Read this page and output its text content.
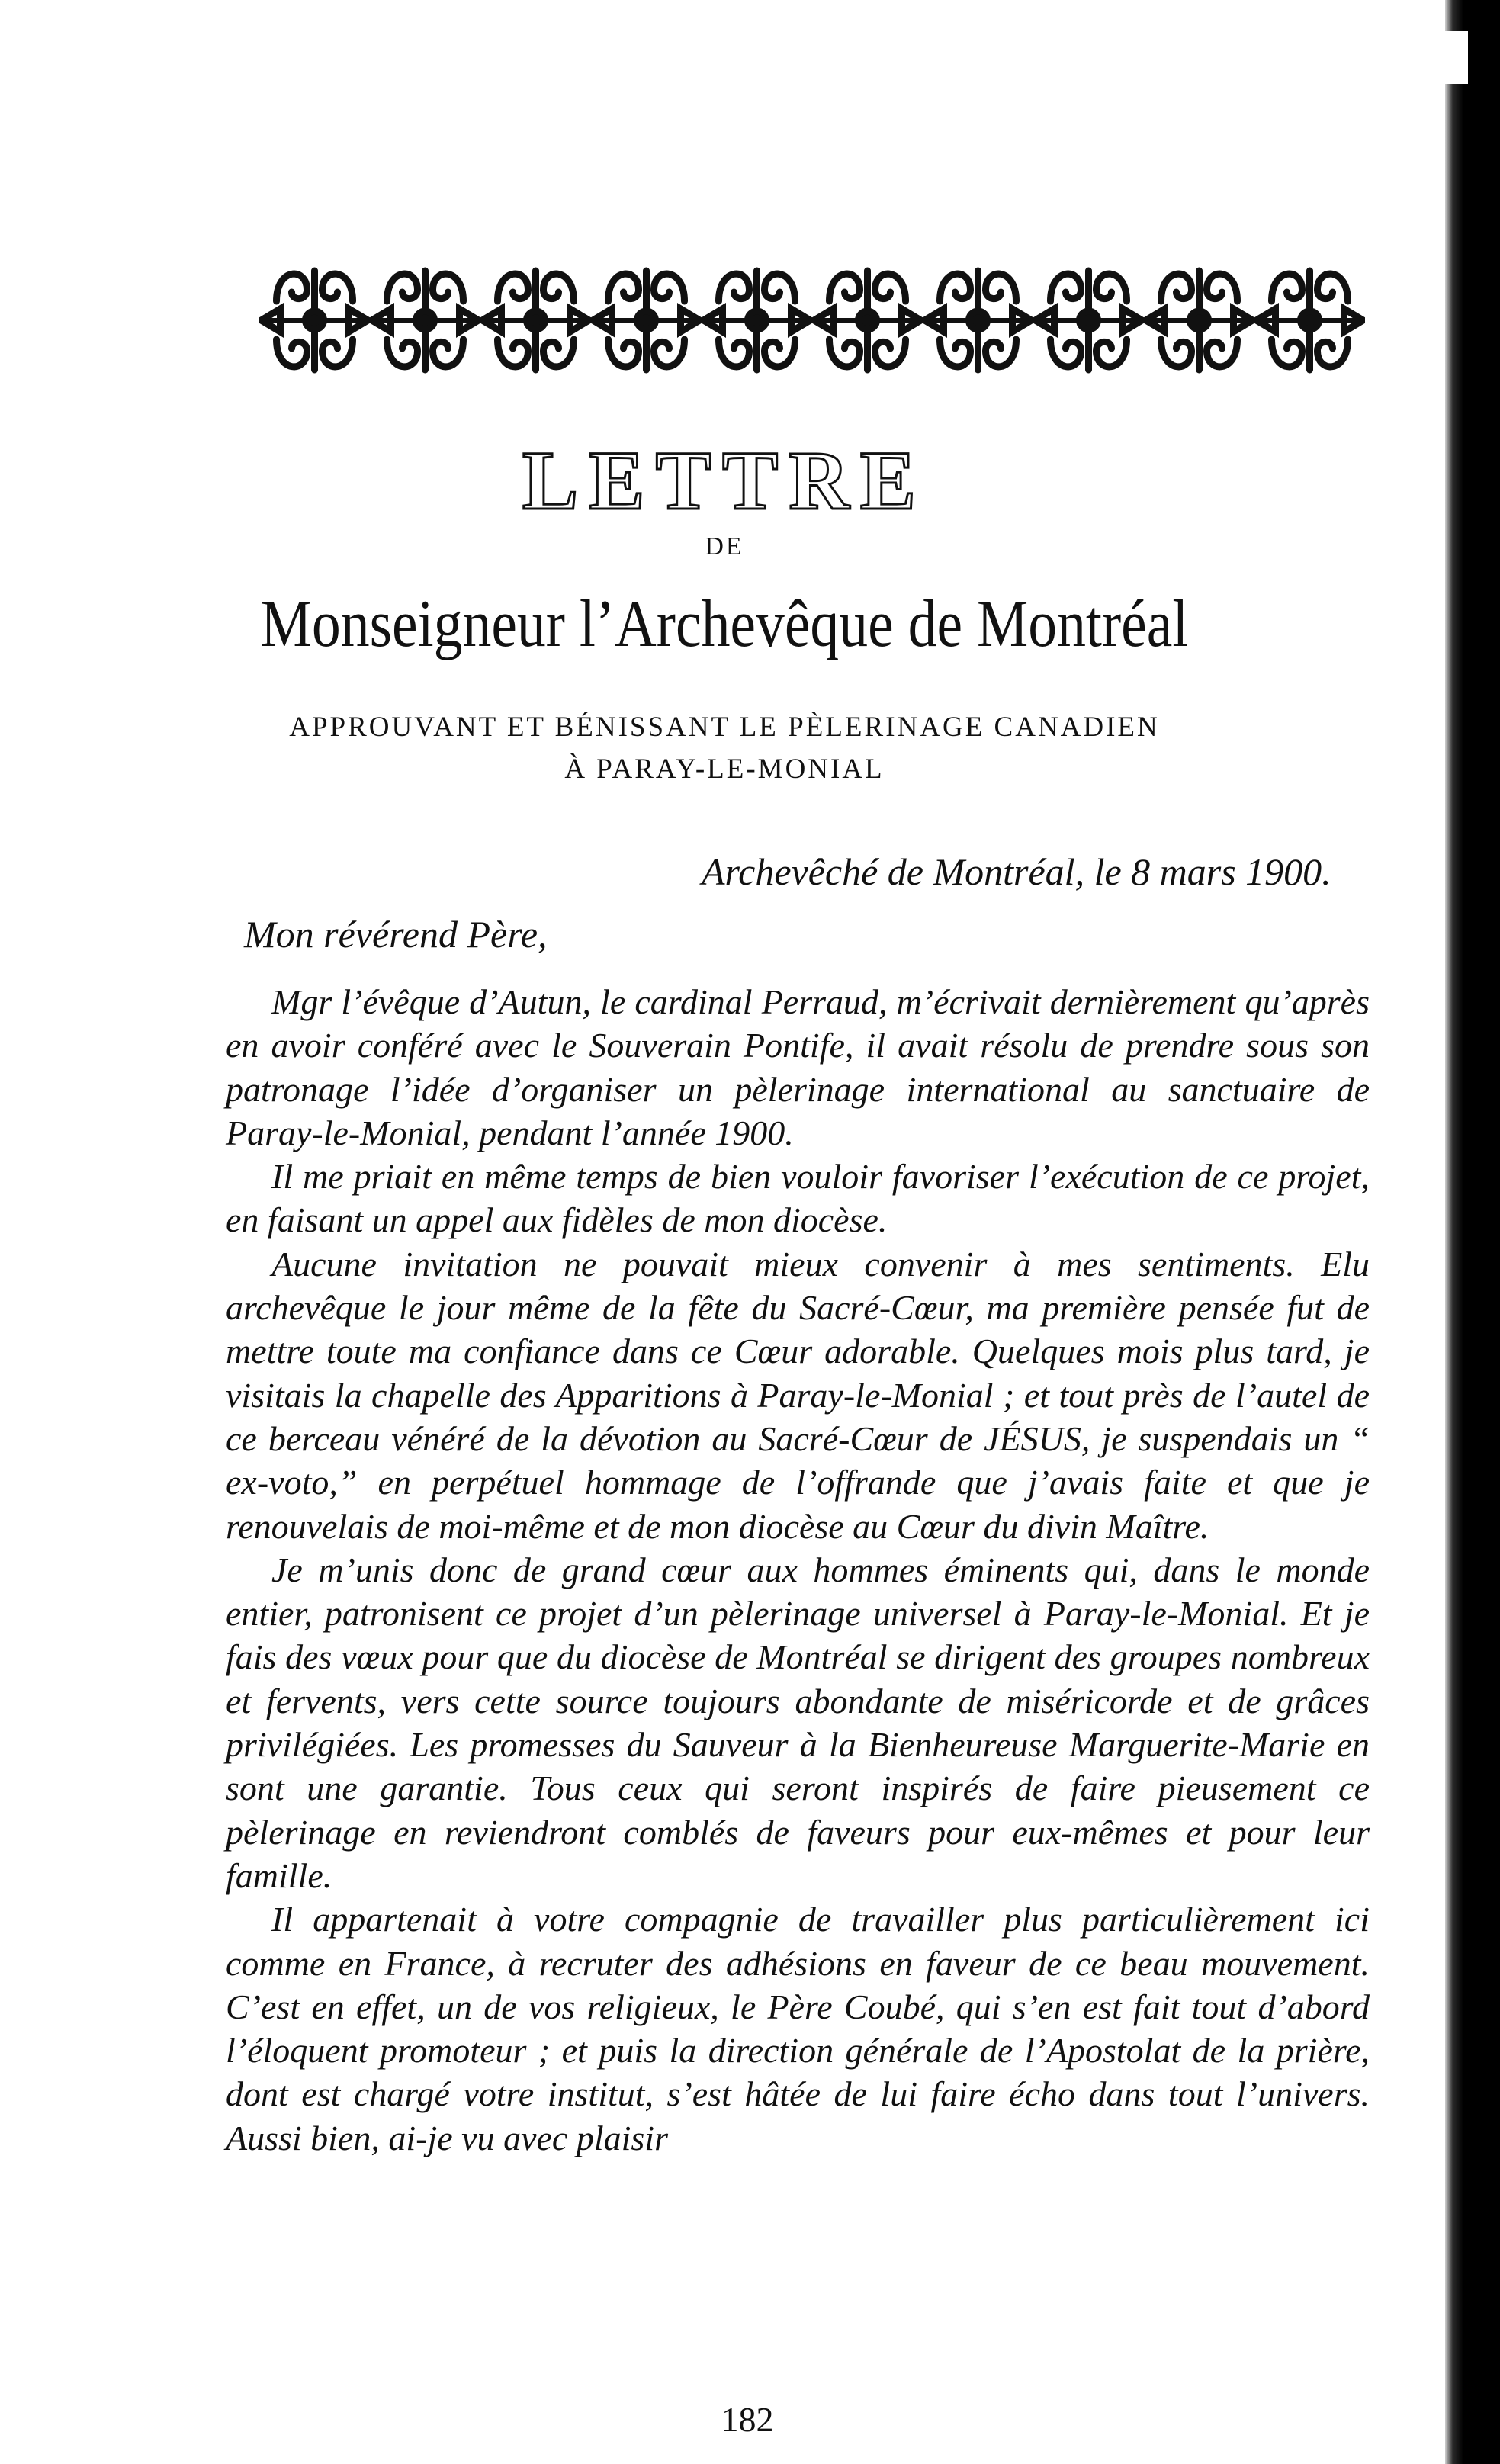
LETTRE
DE
Monseigneur l’Archevêque de Montréal
APPROUVANT ET BÉNISSANT LE PÈLERINAGE CANADIEN
À PARAY-LE-MONIAL
Archevêché de Montréal, le 8 mars 1900.
Mon révérend Père,

Mgr l’évêque d’Autun, le cardinal Perraud, m’écrivait dernièrement qu’après en avoir conféré avec le Souverain Pontife, il avait résolu de prendre sous son patronage l’idée d’organiser un pèlerinage international au sanctuaire de Paray-le-Monial, pendant l’année 1900.

Il me priait en même temps de bien vouloir favoriser l’exécution de ce projet, en faisant un appel aux fidèles de mon diocèse.

Aucune invitation ne pouvait mieux convenir à mes sentiments. Elu archevêque le jour même de la fête du Sacré-Cœur, ma première pensée fut de mettre toute ma confiance dans ce Cœur adorable. Quelques mois plus tard, je visitais la chapelle des Apparitions à Paray-le-Monial ; et tout près de l’autel de ce berceau vénéré de la dévotion au Sacré-Cœur de JÉSUS, je suspendais un “ ex-voto,” en perpétuel hommage de l’offrande que j’avais faite et que je renouvelais de moi-même et de mon diocèse au Cœur du divin Maître.

Je m’unis donc de grand cœur aux hommes éminents qui, dans le monde entier, patronisent ce projet d’un pèlerinage universel à Paray-le-Monial. Et je fais des vœux pour que du diocèse de Montréal se dirigent des groupes nombreux et fervents, vers cette source toujours abondante de miséricorde et de grâces privilégiées. Les promesses du Sauveur à la Bienheureuse Marguerite-Marie en sont une garantie. Tous ceux qui seront inspirés de faire pieusement ce pèlerinage en reviendront comblés de faveurs pour eux-mêmes et pour leur famille.

Il appartenait à votre compagnie de travailler plus particulièrement ici comme en France, à recruter des adhésions en faveur de ce beau mouvement. C’est en effet, un de vos religieux, le Père Coubé, qui s’en est fait tout d’abord l’éloquent promoteur ; et puis la direction générale de l’Apostolat de la prière, dont est chargé votre institut, s’est hâtée de lui faire écho dans tout l’univers. Aussi bien, ai-je vu avec plaisir

182
